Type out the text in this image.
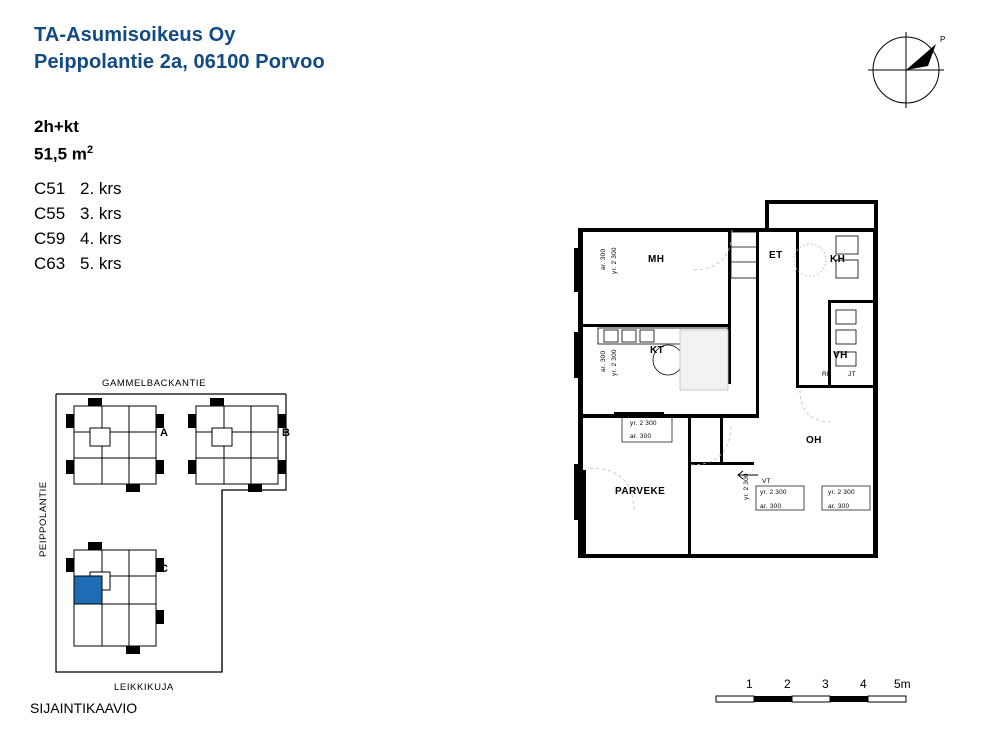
TA-Asumisoikeus Oy
Peippolantie 2a, 06100 Porvoo
2h+kt
51,5 $m^2$
C51 2. krs
C55 3. krs
C59 4. krs
C63 5. krs
P
GAMMELBACKANTIE
LEIKKIKUJA
PEIPPOLANTIE
A	B
C
SIJAINTIKAAVIO
MH	ET	KH
KT	VH
RK	JT
OH
PARVEKE
VT
ar. 300 yr. 2 300
ar. 300 yr. 2 300
yr. 2 300
ar. 300
yr. 2 300 yr. 2 300
ar. 300
yr. 2 300
ar. 300
1	2	3	4 5m
